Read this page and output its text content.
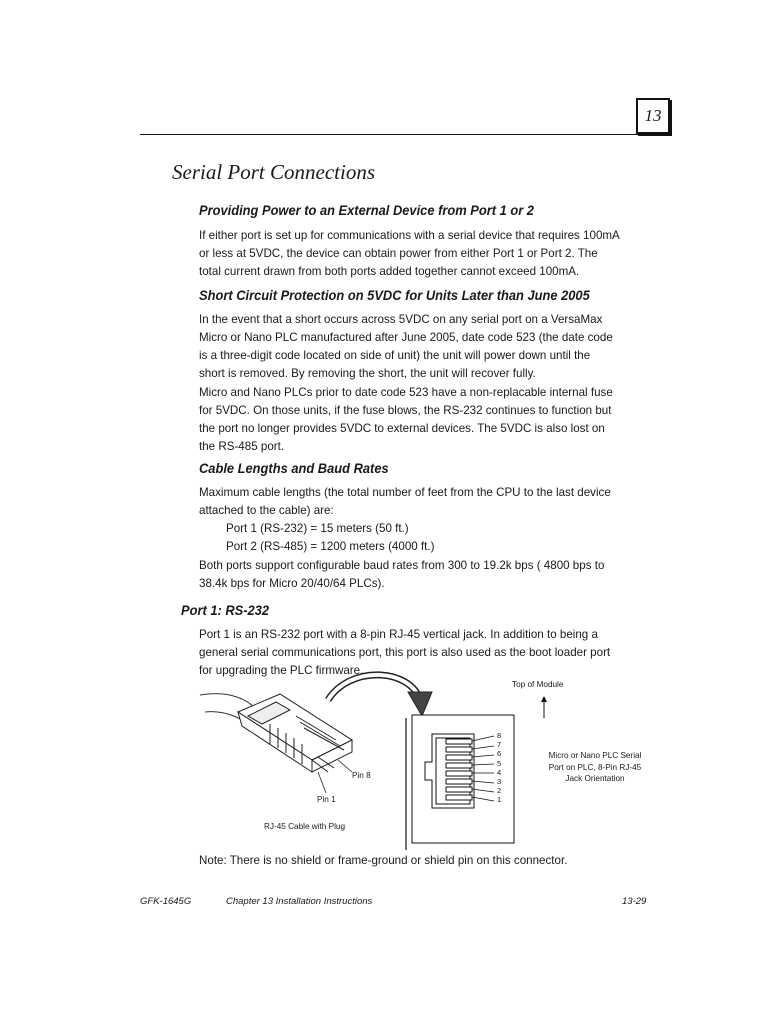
13
Serial Port Connections
Providing Power to an External Device from Port 1 or 2
If either port is set up for communications with a serial device that requires 100mA
or less at 5VDC, the device can obtain power from either Port 1 or Port 2. The
total current drawn from both ports added together cannot exceed 100mA.
Short Circuit Protection on 5VDC for Units Later than June 2005
In the event that a short occurs across 5VDC on any serial port on a VersaMax
Micro or Nano PLC manufactured after June 2005, date code 523 (the date code
is a three-digit code located on side of unit) the unit will power down until the
short is removed. By removing the short, the unit will recover fully.
Micro and Nano PLCs prior to date code 523 have a non-replacable internal fuse
for 5VDC. On those units, if the fuse blows, the RS-232 continues to function but
the port no longer provides 5VDC to external devices. The 5VDC is also lost on
the RS-485 port.
Cable Lengths and Baud Rates
Maximum cable lengths (the total number of feet from the CPU to the last device
attached to the cable) are:
Port 1 (RS-232) = 15 meters (50 ft.)
Port 2 (RS-485) = 1200 meters (4000 ft.)
Both ports support configurable baud rates from 300 to 19.2k bps ( 4800 bps to
38.4k bps for Micro 20/40/64 PLCs).
Port 1: RS-232
Port 1 is an RS-232 port with a 8-pin RJ-45 vertical jack. In addition to being a
general serial communications port, this port is also used as the boot loader port
for upgrading the PLC firmware.
Top of Module
8
7
6
5
4
3
2
1
Micro or Nano PLC Serial
Port on PLC, 8-Pin RJ-45
Jack Orientation
Pin 8
Pin 1
RJ-45 Cable with Plug
Note: There is no shield or frame-ground or shield pin on this connector.
GFK-1645G	Chapter 13 Installation Instructions	13-29
